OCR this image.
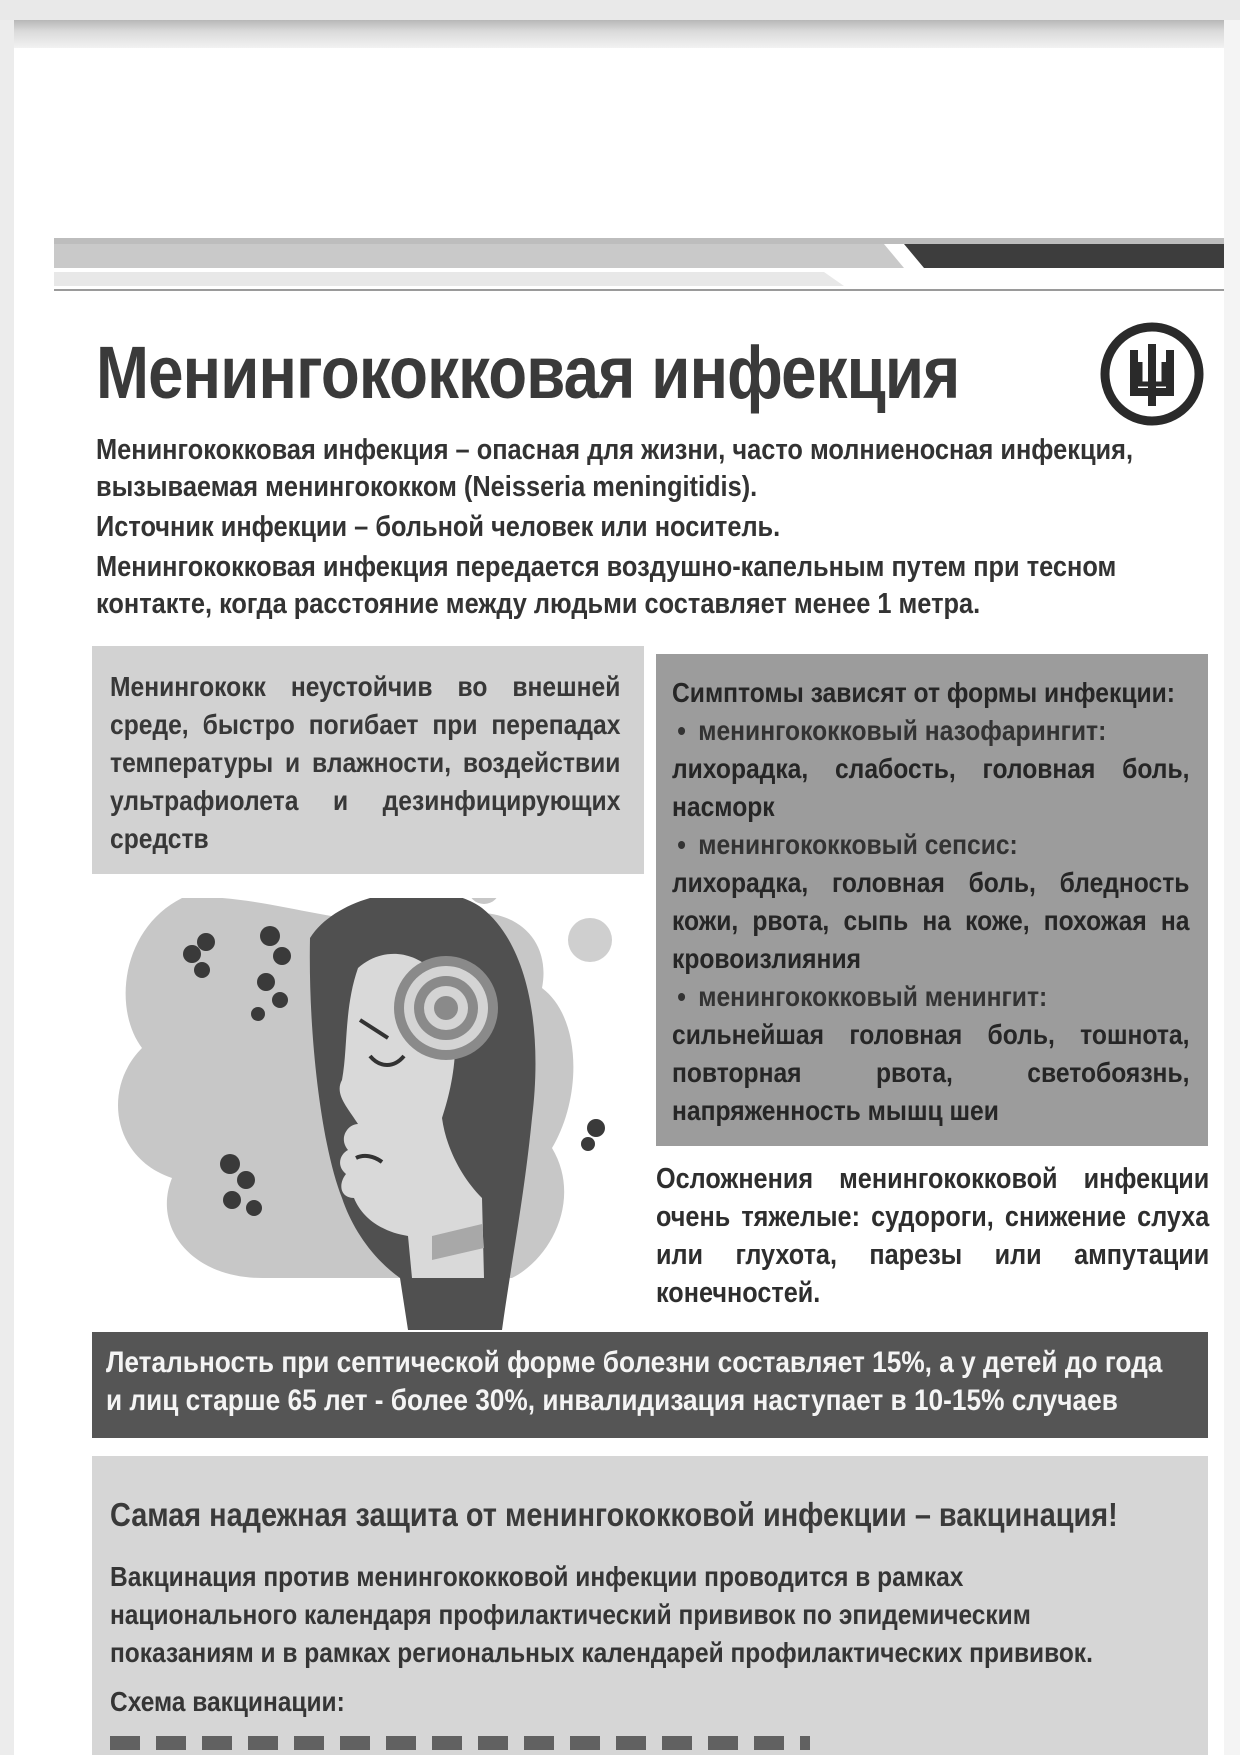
Менингококковая инфекция

Менингококковая инфекция – опасная для жизни, часто молниеносная инфекция, вызываемая менингококком (Neisseria meningitidis).

Источник инфекции – больной человек или носитель.

Менингококковая инфекция передается воздушно-капельным путем при тесном контакте, когда расстояние между людьми составляет менее 1 метра.

Менингококк неустойчив во внешней среде, быстро погибает при перепадах температуры и влажности, воздействии ультрафиолета и дезинфицирующих средств
Симптомы зависят от формы инфекции:
• менингококковый назофарингит:
лихорадка, слабость, головная боль, насморк
• менингококковый сепсис:
лихорадка, головная боль, бледность кожи, рвота, сыпь на коже, похожая на кровоизлияния
• менингококковый менингит:
сильнейшая головная боль, тошнота, повторная рвота, светобоязнь, напряженность мышц шеи
Осложнения менингококковой инфекции очень тяжелые: судороги, снижение слуха или глухота, парезы или ампутации конечностей.
Летальность при септической форме болезни составляет 15%, а у детей до года
и лиц старше 65 лет - более 30%, инвалидизация наступает в 10-15% случаев
Самая надежная защита от менингококковой инфекции – вакцинация!
Вакцинация против менингококковой инфекции проводится в рамках
национального календаря профилактический прививок по эпидемическим
показаниям и в рамках региональных календарей профилактических прививок.
Схема вакцинации:
